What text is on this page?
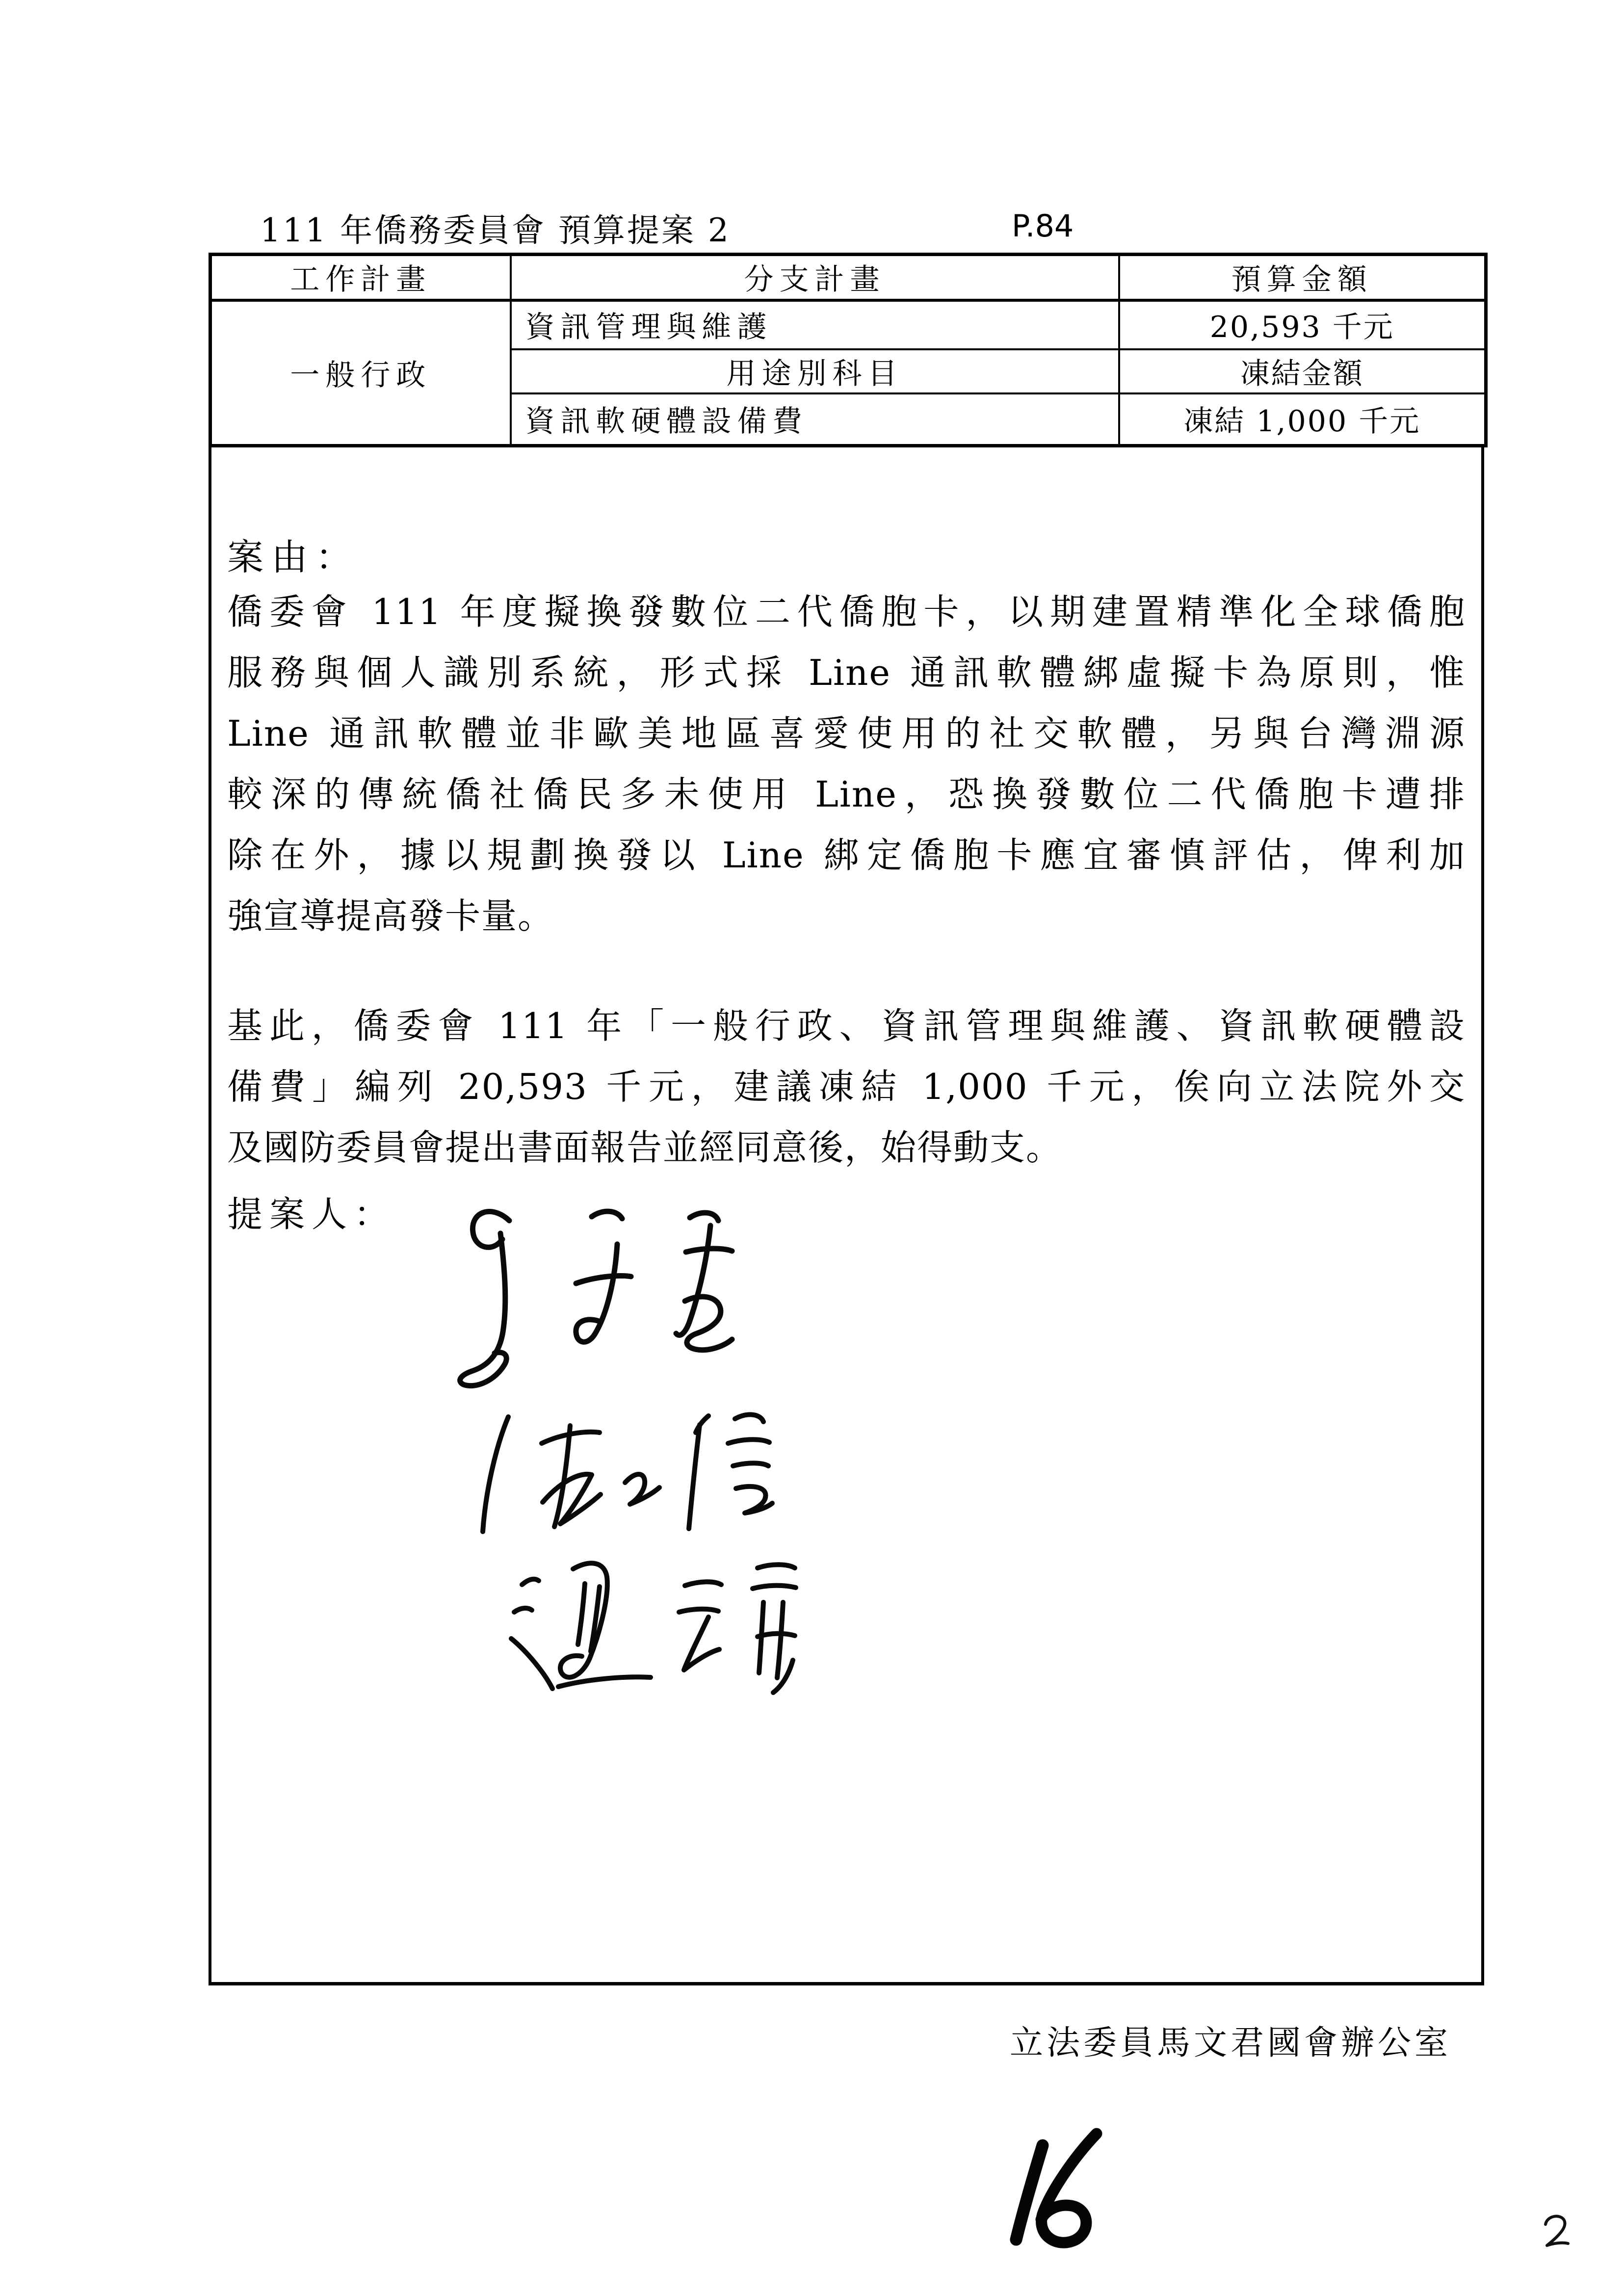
111 年僑務委員會 預算提案 2	P.84
工作計畫	分支計畫	預算金額
一般行政	資訊管理與維護	20,593 千元
	用途別科目	凍結金額
	資訊軟硬體設備費	凍結 1,000 千元
案由：
僑委會 111 年度擬換發數位二代僑胞卡，以期建置精準化全球僑胞
服務與個人識別系統，形式採 Line 通訊軟體綁虛擬卡為原則，惟
Line 通訊軟體並非歐美地區喜愛使用的社交軟體，另與台灣淵源
較深的傳統僑社僑民多未使用 Line，恐換發數位二代僑胞卡遭排
除在外，據以規劃換發以 Line 綁定僑胞卡應宜審慎評估，俾利加
強宣導提高發卡量。
基此，僑委會 111 年「一般行政、資訊管理與維護、資訊軟硬體設
備費」編列 20,593 千元，建議凍結 1,000 千元，俟向立法院外交
及國防委員會提出書面報告並經同意後，始得動支。
提案人：
立法委員馬文君國會辦公室
